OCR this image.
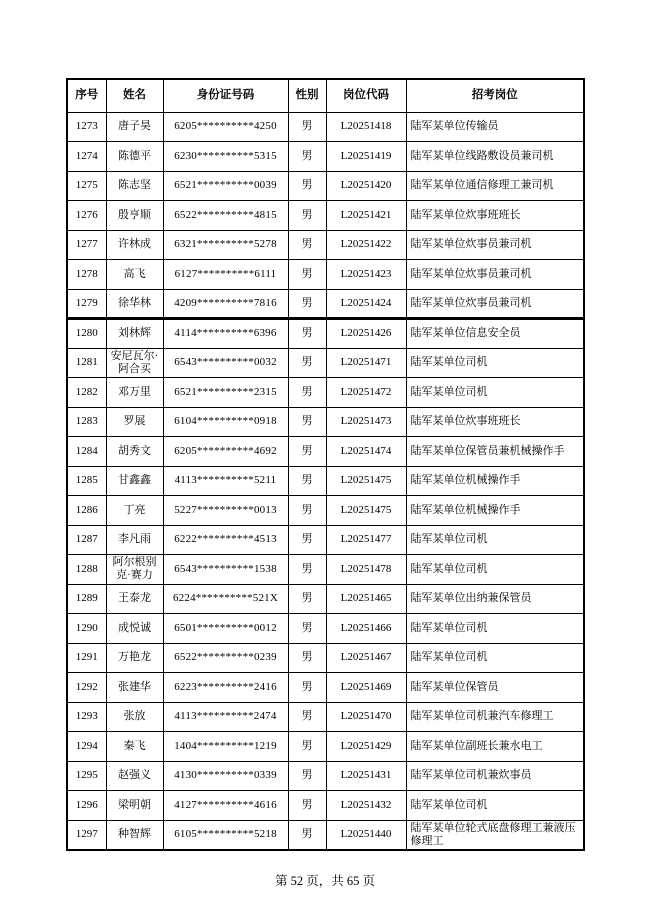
序号	姓名	身份证号码	性别	岗位代码	招考岗位
1273	唐子昊	6205**********4250	男	L20251418	陆军某单位传输员
1274	陈德平	6230**********5315	男	L20251419	陆军某单位线路敷设员兼司机
1275	陈志坚	6521**********0039	男	L20251420	陆军某单位通信修理工兼司机
1276	殷亨顺	6522**********4815	男	L20251421	陆军某单位炊事班班长
1277	许林成	6321**********5278	男	L20251422	陆军某单位炊事员兼司机
1278	高飞	6127**********6111	男	L20251423	陆军某单位炊事员兼司机
1279	徐华林	4209**********7816	男	L20251424	陆军某单位炊事员兼司机
1280	刘林辉	4114**********6396	男	L20251426	陆军某单位信息安全员
1281	安尼瓦尔·阿合买	6543**********0032	男	L20251471	陆军某单位司机
1282	邓万里	6521**********2315	男	L20251472	陆军某单位司机
1283	罗展	6104**********0918	男	L20251473	陆军某单位炊事班班长
1284	胡秀文	6205**********4692	男	L20251474	陆军某单位保管员兼机械操作手
1285	甘鑫鑫	4113**********5211	男	L20251475	陆军某单位机械操作手
1286	丁亮	5227**********0013	男	L20251475	陆军某单位机械操作手
1287	李凡雨	6222**********4513	男	L20251477	陆军某单位司机
1288	阿尔根别克·赛力	6543**********1538	男	L20251478	陆军某单位司机
1289	王泰龙	6224**********521X	男	L20251465	陆军某单位出纳兼保管员
1290	成悦诚	6501**********0012	男	L20251466	陆军某单位司机
1291	万艳龙	6522**********0239	男	L20251467	陆军某单位司机
1292	张建华	6223**********2416	男	L20251469	陆军某单位保管员
1293	张放	4113**********2474	男	L20251470	陆军某单位司机兼汽车修理工
1294	秦飞	1404**********1219	男	L20251429	陆军某单位副班长兼水电工
1295	赵强义	4130**********0339	男	L20251431	陆军某单位司机兼炊事员
1296	梁明朝	4127**********4616	男	L20251432	陆军某单位司机
1297	种智辉	6105**********5218	男	L20251440	陆军某单位轮式底盘修理工兼液压修理工
第 52 页，共 65 页
